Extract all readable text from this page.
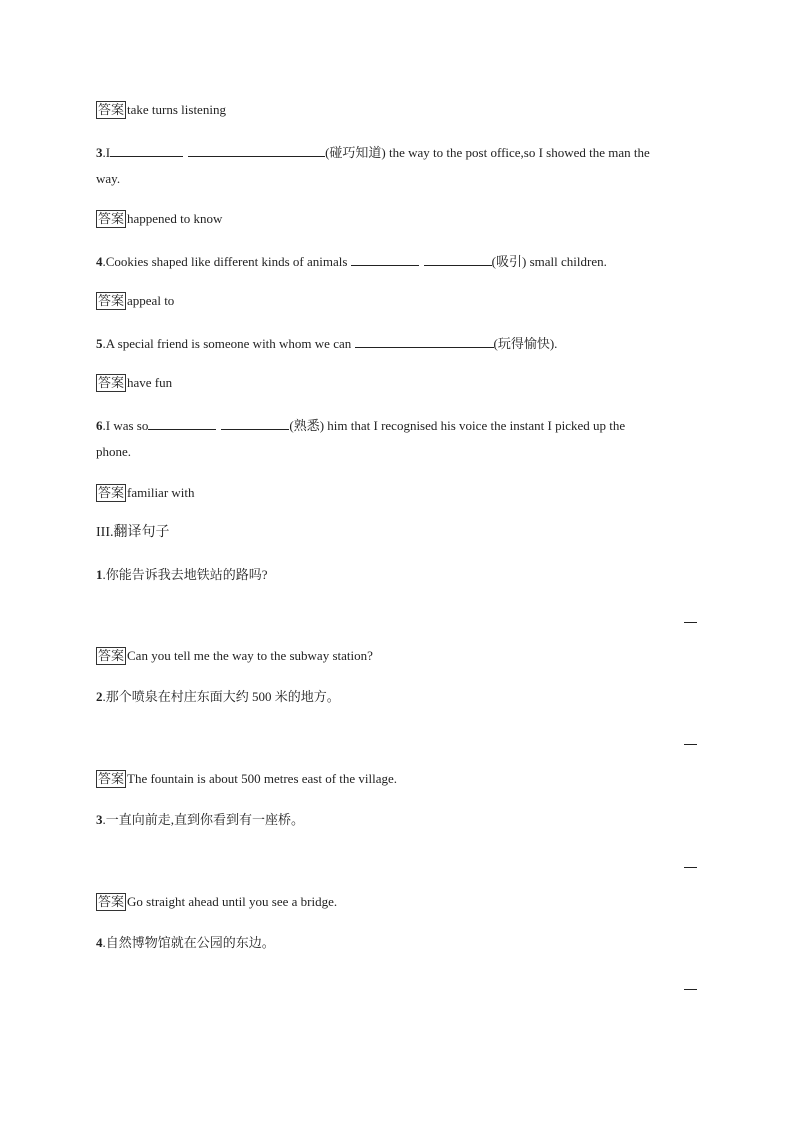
答案 take turns listening
3.I	(碰巧知道) the way to the post office,so I showed the man the
way.
答案 happened to know
4.Cookies shaped like different kinds of animals	(吸引) small children.
答案 appeal to
5.A special friend is someone with whom we can	(玩得愉快).
答案 have fun
6.I was so	(熟悉) him that I recognised his voice the instant I picked up the
phone.
答案 familiar with
III.翻译句子
1.你能告诉我去地铁站的路吗?
答案 Can you tell me the way to the subway station?
2.那个喷泉在村庄东面大约 500 米的地方。
答案 The fountain is about 500 metres east of the village.
3.一直向前走,直到你看到有一座桥。
答案 Go straight ahead until you see a bridge.
4.自然博物馆就在公园的东边。
